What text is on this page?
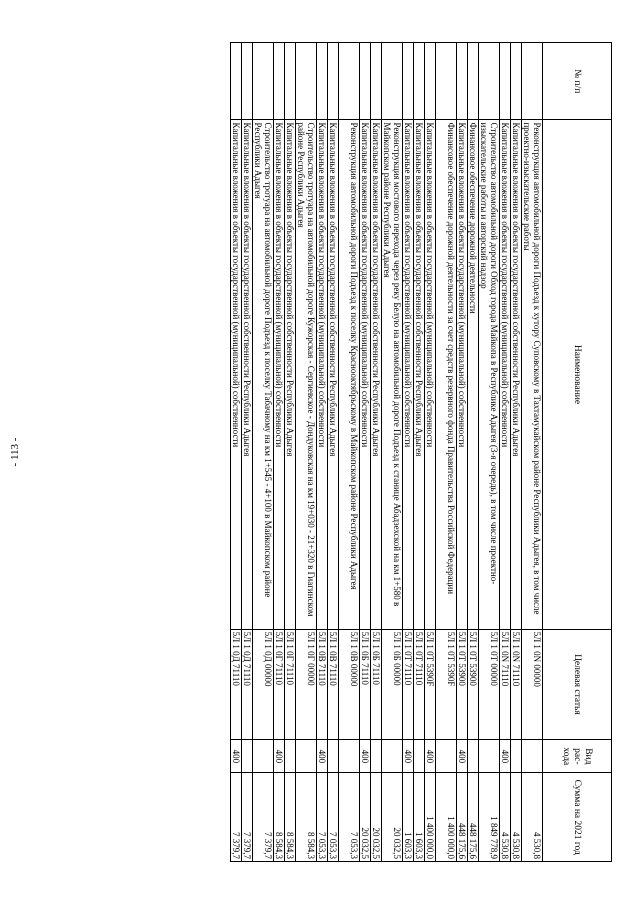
- 113 -
№ п/п	Наименование	Целевая статья	Вид рас-хода	Сумма на 2021 год
	Реконструкция автомобильной дороги Подъезд к хутору Суповскому в Тахтамукайском районе Республики Адыгея, в том числе проектно-изыскательские работы	5Л 1 0N 00000		4 530,8
	Капитальные вложения в объекты государственной собственности Республики Адыгея	5Л 1 0N 71110		4 530,8
	Капитальные вложения в объекты государственной (муниципальной) собственности	5Л 1 0N 71110	400	4 530,8
	Строительство автомобильной дороги Обход города Майкопа в Республике Адыгея (3-я очередь), в том числе проектно-изыскательские работы и авторский надзор	5Л 1 0Т 00000		1 849 778,9
	Финансовое обеспечение дорожной деятельности	5Л 1 0Т 53900		448 175,6
	Капитальные вложения в объекты государственной (муниципальной) собственности	5Л 1 0Т 53900	400	448 175,6
	Финансовое обеспечение дорожной деятельности за счет средств резервного фонда Правительства Российской Федерации	5Л 1 0Т 5390F		1 400 000,0
	Капитальные вложения в объекты государственной (муниципальной) собственности	5Л 1 0Т 5390F	400	1 400 000,0
	Капитальные вложения в объекты государственной собственности Республики Адыгея	5Л 1 0Т 71110		1 603,3
	Капитальные вложения в объекты государственной (муниципальной) собственности	5Л 1 0Т 71110	400	1 603,3
	Реконструкция мостового перехода через реку Белую на автомобильной дороге Подъезд к станице Абадзехской на км 1+580 в Майкопском районе Республики Адыгея	5Л 1 0Б 00000		20 032,5
	Капитальные вложения в объекты государственной собственности Республики Адыгея	5Л 1 0Б 71110		20 032,5
	Капитальные вложения в объекты государственной (муниципальной) собственности	5Л 1 0Б 71110	400	20 032,5
	Реконструкция автомобильной дороги Подъезд к поселку Краснооктябрьскому в Майкопском районе Республики Адыгея	5Л 1 0В 00000		7 053,3
	Капитальные вложения в объекты государственной собственности Республики Адыгея	5Л 1 0В 71110		7 053,3
	Капитальные вложения в объекты государственной (муниципальной) собственности	5Л 1 0В 71110	400	7 053,3
	Строительство тротуара на автомобильной дороге Кужорская - Сергиевское - Дондуковская на км 19+030 - 21+320 в Гиагинском районе Республики Адыгея	5Л 1 0Г 00000		8 584,3
	Капитальные вложения в объекты государственной собственности Республики Адыгея	5Л 1 0Г 71110		8 584,3
	Капитальные вложения в объекты государственной (муниципальной) собственности	5Л 1 0Г 71110	400	8 584,3
	Строительство тротуара на автомобильной дороге Подъезд к поселку Табачному на км 1+545 - 4+100 в Майкопском районе Республики Адыгея	5Л 1 0Д 00000		7 379,7
	Капитальные вложения в объекты государственной собственности Республики Адыгея	5Л 1 0Д 71110		7 379,7
	Капитальные вложения в объекты государственной (муниципальной) собственности	5Л 1 0Д 71110	400	7 379,7
